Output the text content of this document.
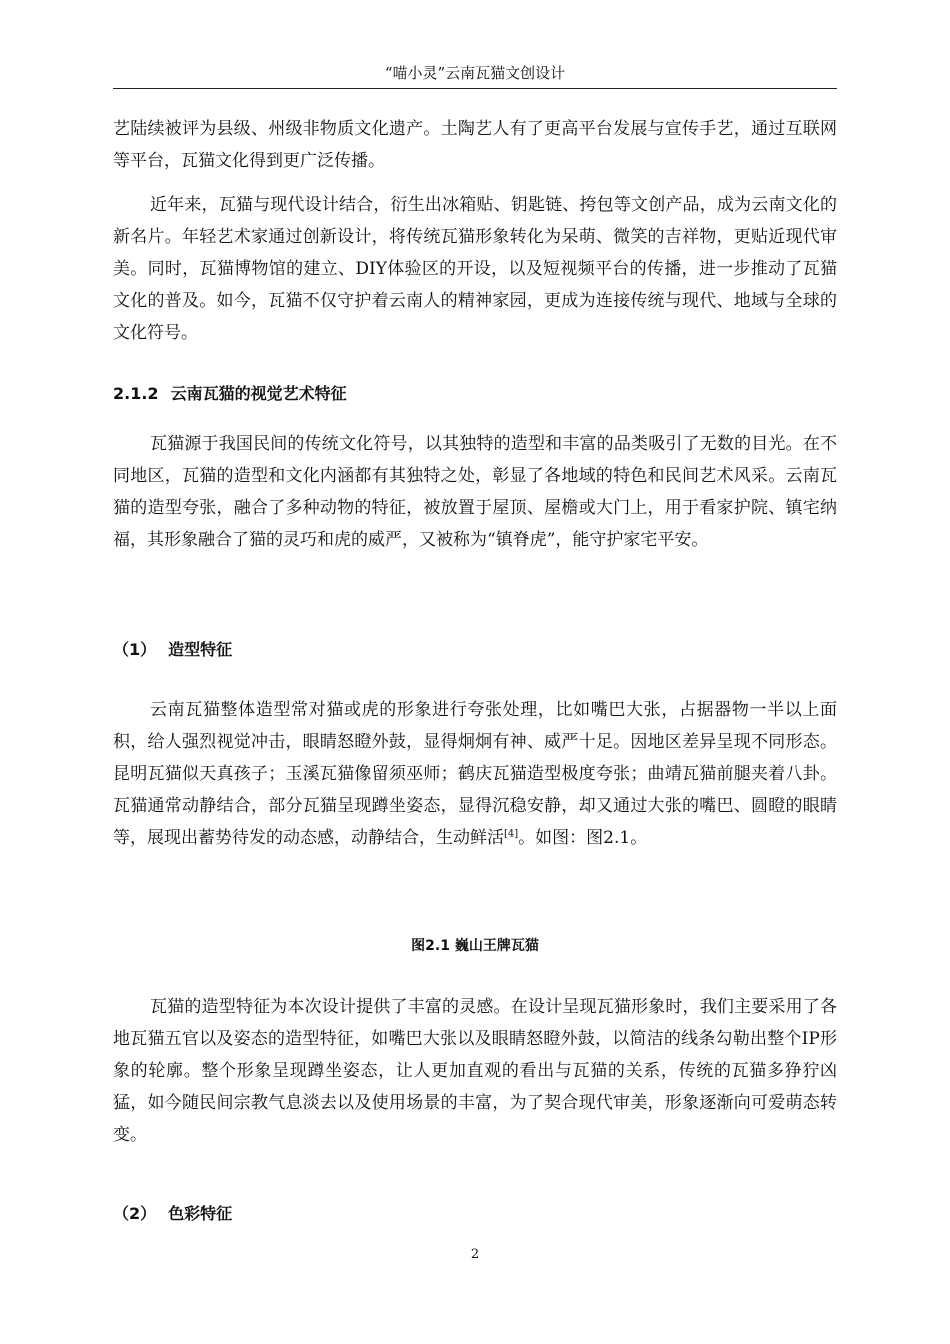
“喵小灵”云南瓦猫文创设计
艺陆续被评为县级、州级非物质文化遗产。土陶艺人有了更高平台发展与宣传手艺，通过互联网等平台，瓦猫文化得到更广泛传播。
近年来，瓦猫与现代设计结合，衍生出冰箱贴、钥匙链、挎包等文创产品，成为云南文化的新名片。年轻艺术家通过创新设计，将传统瓦猫形象转化为呆萌、微笑的吉祥物，更贴近现代审美。同时，瓦猫博物馆的建立、DIY体验区的开设，以及短视频平台的传播，进一步推动了瓦猫文化的普及。如今，瓦猫不仅守护着云南人的精神家园，更成为连接传统与现代、地域与全球的文化符号。
2.1.2 云南瓦猫的视觉艺术特征
瓦猫源于我国民间的传统文化符号，以其独特的造型和丰富的品类吸引了无数的目光。在不同地区，瓦猫的造型和文化内涵都有其独特之处，彰显了各地域的特色和民间艺术风采。云南瓦猫的造型夸张，融合了多种动物的特征，被放置于屋顶、屋檐或大门上，用于看家护院、镇宅纳福，其形象融合了猫的灵巧和虎的威严，又被称为“镇脊虎”，能守护家宅平安。
（1） 造型特征
云南瓦猫整体造型常对猫或虎的形象进行夸张处理，比如嘴巴大张，占据器物一半以上面积，给人强烈视觉冲击，眼睛怒瞪外鼓，显得炯炯有神、威严十足。因地区差异呈现不同形态。昆明瓦猫似天真孩子；玉溪瓦猫像留须巫师；鹤庆瓦猫造型极度夸张；曲靖瓦猫前腿夹着八卦。瓦猫通常动静结合，部分瓦猫呈现蹲坐姿态，显得沉稳安静，却又通过大张的嘴巴、圆瞪的眼睛等，展现出蓄势待发的动态感，动静结合，生动鲜活[4]。如图：图2.1。
图2.1 巍山王牌瓦猫
瓦猫的造型特征为本次设计提供了丰富的灵感。在设计呈现瓦猫形象时，我们主要采用了各地瓦猫五官以及姿态的造型特征，如嘴巴大张以及眼睛怒瞪外鼓，以简洁的线条勾勒出整个IP形象的轮廓。整个形象呈现蹲坐姿态，让人更加直观的看出与瓦猫的关系，传统的瓦猫多狰狞凶猛，如今随民间宗教气息淡去以及使用场景的丰富，为了契合现代审美，形象逐渐向可爱萌态转变。
（2） 色彩特征
2
